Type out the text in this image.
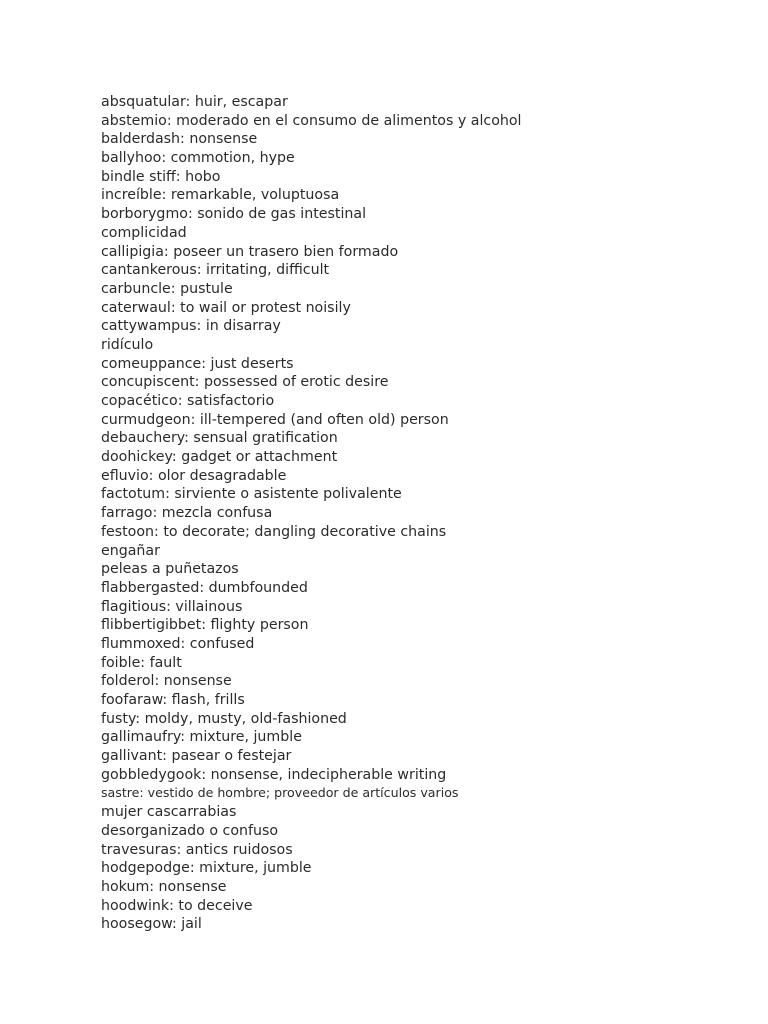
absquatular: huir, escapar
abstemio: moderado en el consumo de alimentos y alcohol
balderdash: nonsense
ballyhoo: commotion, hype
bindle stiff: hobo
increíble: remarkable, voluptuosa
borborygmo: sonido de gas intestinal
complicidad
callipigia: poseer un trasero bien formado
cantankerous: irritating, difficult
carbuncle: pustule
caterwaul: to wail or protest noisily
cattywampus: in disarray
ridículo
comeuppance: just deserts
concupiscent: possessed of erotic desire
copacético: satisfactorio
curmudgeon: ill-tempered (and often old) person
debauchery: sensual gratification
doohickey: gadget or attachment
efluvio: olor desagradable
factotum: sirviente o asistente polivalente
farrago: mezcla confusa
festoon: to decorate; dangling decorative chains
engañar
peleas a puñetazos
flabbergasted: dumbfounded
flagitious: villainous
flibbertigibbet: flighty person
flummoxed: confused
foible: fault
folderol: nonsense
foofaraw: flash, frills
fusty: moldy, musty, old-fashioned
gallimaufry: mixture, jumble
gallivant: pasear o festejar
gobbledygook: nonsense, indecipherable writing
sastre: vestido de hombre; proveedor de artículos varios
mujer cascarrabias
desorganizado o confuso
travesuras: antics ruidosos
hodgepodge: mixture, jumble
hokum: nonsense
hoodwink: to deceive
hoosegow: jail
